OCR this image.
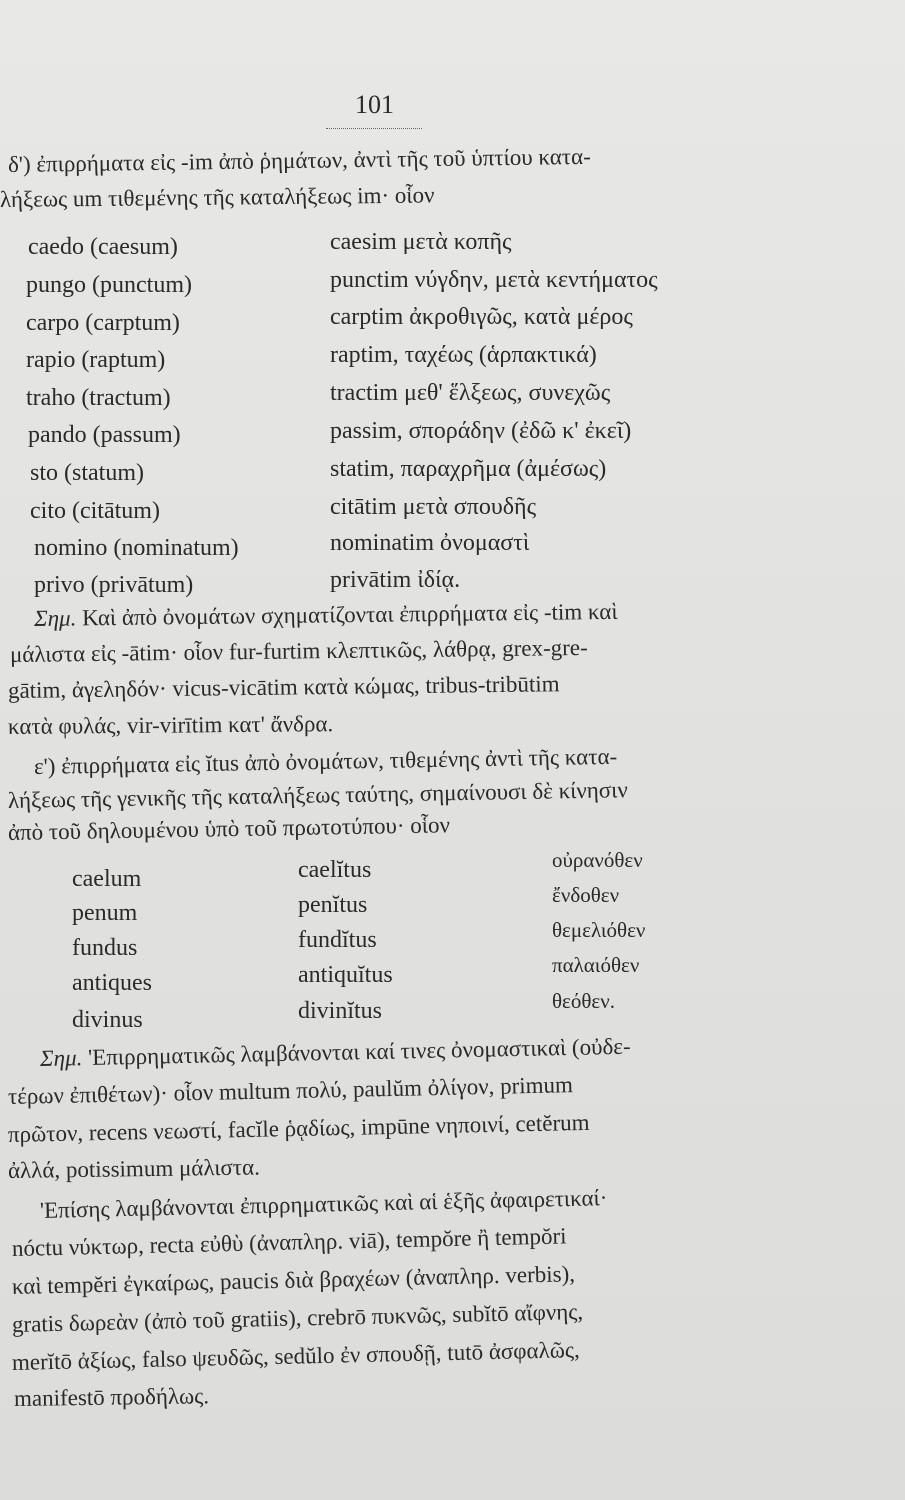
101
δ') ἐπιρρήματα εἰς -im ἀπὸ ῥημάτων, ἀντὶ τῆς τοῦ ὑπτίου κατα-
λήξεως um τιθεμένης τῆς καταλήξεως im· οἷον
caedo (caesum)	caesim μετὰ κοπῆς
pungo (punctum)	punctim νύγδην, μετὰ κεντήματος
carpo (carptum)	carptim ἀκροθιγῶς, κατὰ μέρος
rapio (raptum)	raptim, ταχέως (ἁρπακτικά)
traho (tractum)	tractim μεθ' ἕλξεως, συνεχῶς
pando (passum)	passim, σποράδην (ἐδῶ κ' ἐκεῖ)
sto (statum)	statim, παραχρῆμα (ἀμέσως)
cito (citātum)	citātim μετὰ σπουδῆς
nomino (nominatum)	nominatim ὀνομαστὶ
privo (privātum)	privātim ἰδίᾳ.
Σημ. Καὶ ἀπὸ ὀνομάτων σχηματίζονται ἐπιρρήματα εἰς -tim καὶ
μάλιστα εἰς -ātim· οἷον fur-furtim κλεπτικῶς, λάθρᾳ, grex-gre-
gātim, ἀγεληδόν· vicus-vicātim κατὰ κώμας, tribus-tribūtim
κατὰ φυλάς, vir-virītim κατ' ἄνδρα.
ε') ἐπιρρήματα εἰς ĭtus ἀπὸ ὀνομάτων, τιθεμένης ἀντὶ τῆς κατα-
λήξεως τῆς γενικῆς τῆς καταλήξεως ταύτης, σημαίνουσι δὲ κίνησιν
ἀπὸ τοῦ δηλουμένου ὑπὸ τοῦ πρωτοτύπου· οἷον
caelum	caelĭtus	οὐρανόθεν
penum	penĭtus	ἔνδοθεν
fundus	fundĭtus	θεμελιόθεν
antiques	antiquĭtus	παλαιόθεν
divinus	divinĭtus	θεόθεν.
Σημ. 'Επιρρηματικῶς λαμβάνονται καί τινες ὀνομαστικαὶ (οὐδε-
τέρων ἐπιθέτων)· οἷον multum πολύ, paulŭm ὀλίγον, primum
πρῶτον, recens νεωστί, facĭle ῥᾳδίως, impūne νηποινί, cetĕrum
ἀλλά, potissimum μάλιστα.
'Επίσης λαμβάνονται ἐπιρρηματικῶς καὶ αἱ ἑξῆς ἀφαιρετικαί·
nóctu νύκτωρ, recta εὐθὺ (ἀναπληρ. viā), tempŏre ἢ tempŏri
καὶ tempĕri ἐγκαίρως, paucis διὰ βραχέων (ἀναπληρ. verbis),
gratis δωρεὰν (ἀπὸ τοῦ gratiis), crebrō πυκνῶς, subĭtō αἴφνης,
merĭtō ἀξίως, falso ψευδῶς, sedŭlo ἐν σπουδῇ, tutō ἀσφαλῶς,
manifestō προδήλως.
